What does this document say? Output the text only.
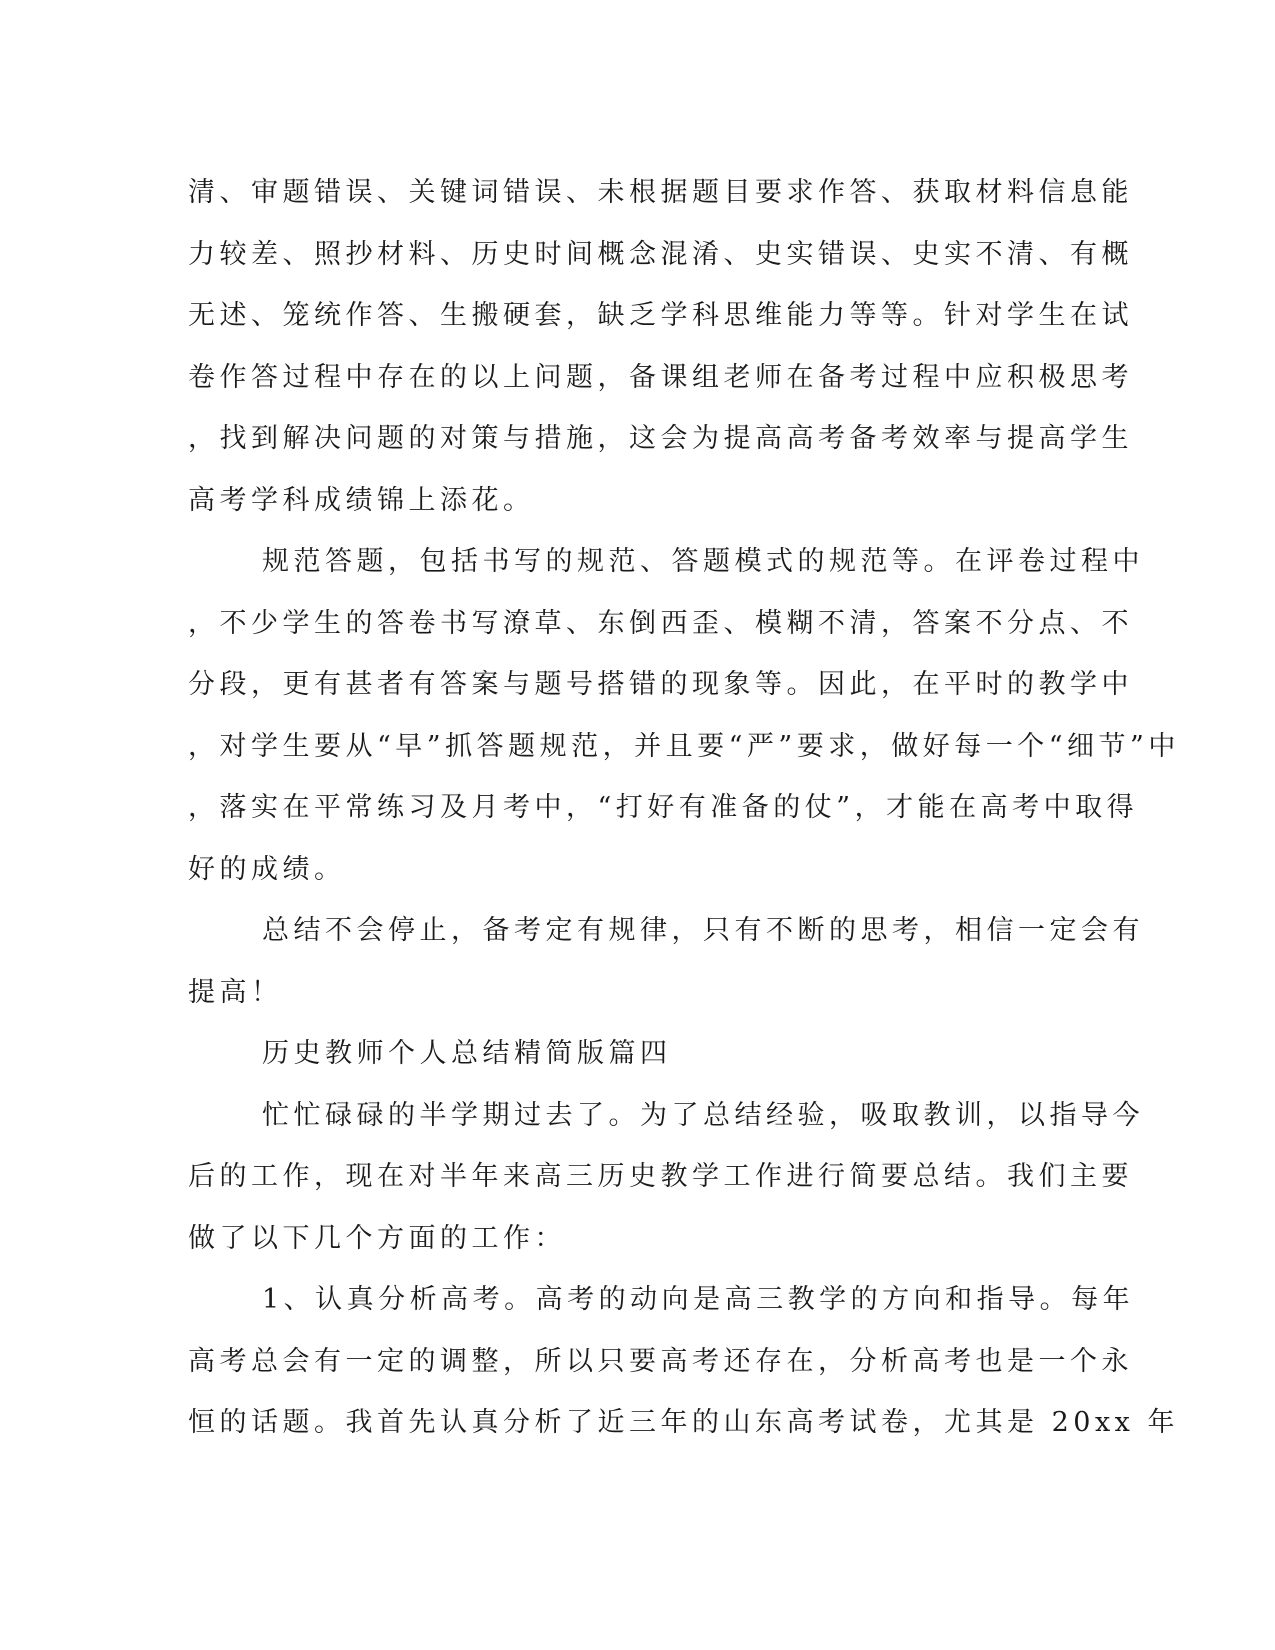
清、审题错误、关键词错误、未根据题目要求作答、获取材料信息能
力较差、照抄材料、历史时间概念混淆、史实错误、史实不清、有概
无述、笼统作答、生搬硬套，缺乏学科思维能力等等。针对学生在试
卷作答过程中存在的以上问题，备课组老师在备考过程中应积极思考
，找到解决问题的对策与措施，这会为提高高考备考效率与提高学生
高考学科成绩锦上添花。
规范答题，包括书写的规范、答题模式的规范等。在评卷过程中
，不少学生的答卷书写潦草、东倒西歪、模糊不清，答案不分点、不
分段，更有甚者有答案与题号搭错的现象等。因此，在平时的教学中
，对学生要从“早”抓答题规范，并且要“严”要求，做好每一个“细节”中
，落实在平常练习及月考中，“打好有准备的仗”，才能在高考中取得
好的成绩。
总结不会停止，备考定有规律，只有不断的思考，相信一定会有
提高！
历史教师个人总结精简版篇四
忙忙碌碌的半学期过去了。为了总结经验，吸取教训，以指导今
后的工作，现在对半年来高三历史教学工作进行简要总结。我们主要
做了以下几个方面的工作：
1、认真分析高考。高考的动向是高三教学的方向和指导。每年
高考总会有一定的调整，所以只要高考还存在，分析高考也是一个永
恒的话题。我首先认真分析了近三年的山东高考试卷，尤其是 20xx 年
